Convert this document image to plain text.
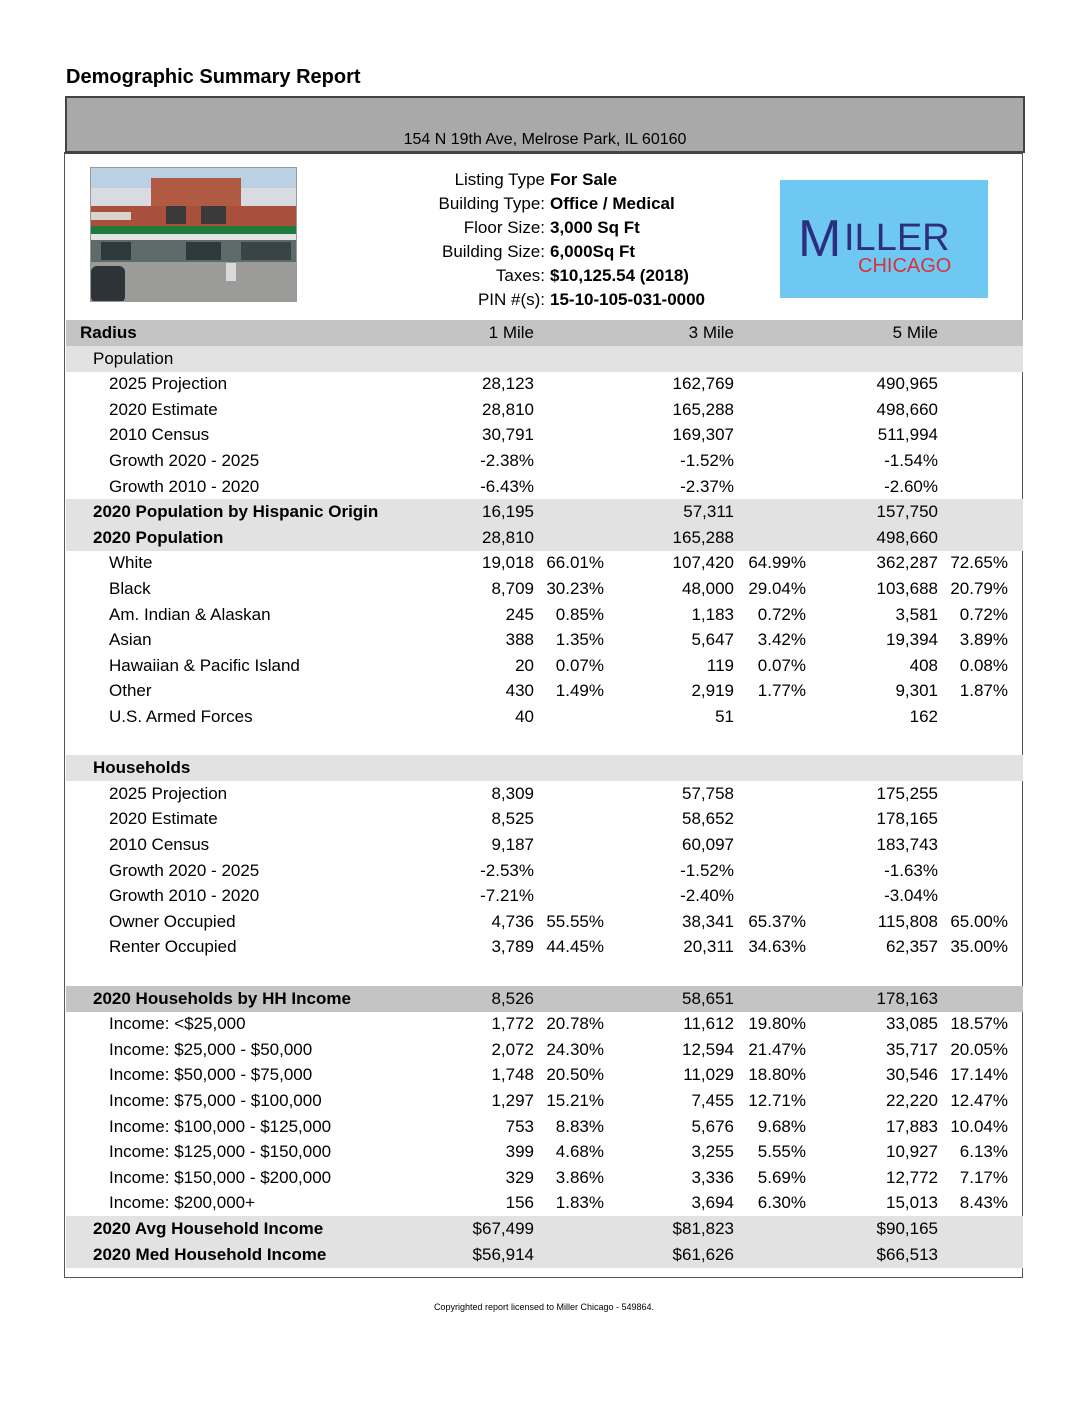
Demographic Summary Report
154 N 19th Ave, Melrose Park, IL 60160
Listing Type For Sale
Building Type: Office / Medical
Floor Size: 3,000 Sq Ft
Building Size: 6,000Sq Ft
Taxes: $10,125.54 (2018)
PIN #(s): 15-10-105-031-0000
M ILLER
CHICAGO
Radius	1 Mile	3 Mile	5 Mile
Population
2025 Projection	28,123	162,769	490,965
2020 Estimate	28,810	165,288	498,660
2010 Census	30,791	169,307	511,994
Growth 2020 - 2025	-2.38%	-1.52%	-1.54%
Growth 2010 - 2020	-6.43%	-2.37%	-2.60%
2020 Population by Hispanic Origin	16,195	57,311	157,750
2020 Population	28,810	165,288	498,660
White	19,018 66.01%	107,420 64.99%	362,287 72.65%
Black	8,709 30.23%	48,000 29.04%	103,688 20.79%
Am. Indian & Alaskan	245	0.85%	1,183	0.72%	3,581	0.72%
Asian	388	1.35%	5,647	3.42%	19,394	3.89%
Hawaiian & Pacific Island	20	0.07%	119	0.07%	408	0.08%
Other	430	1.49%	2,919	1.77%	9,301	1.87%
U.S. Armed Forces	40	51	162
Households
2025 Projection	8,309	57,758	175,255
2020 Estimate	8,525	58,652	178,165
2010 Census	9,187	60,097	183,743
Growth 2020 - 2025	-2.53%	-1.52%	-1.63%
Growth 2010 - 2020	-7.21%	-2.40%	-3.04%
Owner Occupied	4,736 55.55%	38,341 65.37%	115,808 65.00%
Renter Occupied	3,789 44.45%	20,311 34.63%	62,357 35.00%
2020 Households by HH Income	8,526	58,651	178,163
Income: <$25,000	1,772 20.78%	11,612 19.80%	33,085 18.57%
Income: $25,000 - $50,000	2,072 24.30%	12,594 21.47%	35,717 20.05%
Income: $50,000 - $75,000	1,748 20.50%	11,029 18.80%	30,546 17.14%
Income: $75,000 - $100,000	1,297 15.21%	7,455 12.71%	22,220 12.47%
Income: $100,000 - $125,000	753	8.83%	5,676	9.68%	17,883 10.04%
Income: $125,000 - $150,000	399	4.68%	3,255	5.55%	10,927	6.13%
Income: $150,000 - $200,000	329	3.86%	3,336	5.69%	12,772	7.17%
Income: $200,000+	156	1.83%	3,694	6.30%	15,013	8.43%
2020 Avg Household Income	$67,499	$81,823	$90,165
2020 Med Household Income	$56,914	$61,626	$66,513
Copyrighted report licensed to Miller Chicago - 549864.
